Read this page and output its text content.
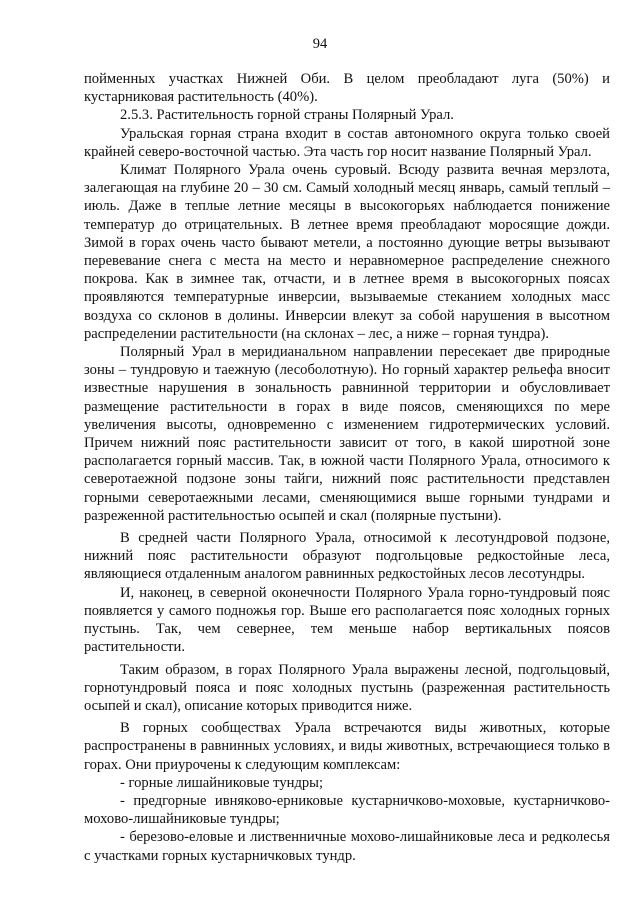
94

пойменных участках Нижней Оби. В целом преобладают луга (50%) и кустарниковая растительность (40%).

2.5.3. Растительность горной страны Полярный Урал.

Уральская горная страна входит в состав автономного округа только своей крайней северо-восточной частью. Эта часть гор носит название Полярный Урал.

Климат Полярного Урала очень суровый. Всюду развита вечная мерзлота, залегающая на глубине 20 – 30 см. Самый холодный месяц январь, самый теплый – июль. Даже в теплые летние месяцы в высокогорьях наблюдается понижение температур до отрицательных. В летнее время преобладают моросящие дожди. Зимой в горах очень часто бывают метели, а постоянно дующие ветры вызывают перевевание снега с места на место и неравномерное распределение снежного покрова. Как в зимнее так, отчасти, и в летнее время в высокогорных поясах проявляются температурные инверсии, вызываемые стеканием холодных масс воздуха со склонов в долины. Инверсии влекут за собой нарушения в высотном распределении растительности (на склонах – лес, а ниже – горная тундра).

Полярный Урал в меридианальном направлении пересекает две природные зоны – тундровую и таежную (лесоболотную). Но горный характер рельефа вносит известные нарушения в зональность равнинной территории и обусловливает размещение растительности в горах в виде поясов, сменяющихся по мере увеличения высоты, одновременно с изменением гидротермических условий. Причем нижний пояс растительности зависит от того, в какой широтной зоне располагается горный массив. Так, в южной части Полярного Урала, относимого к северотаежной подзоне зоны тайги, нижний пояс растительности представлен горными северотаежными лесами, сменяющимися выше горными тундрами и разреженной растительностью осыпей и скал (полярные пустыни).

В средней части Полярного Урала, относимой к лесотундровой подзоне, нижний пояс растительности образуют подгольцовые редкостойные леса, являющиеся отдаленным аналогом равнинных редкостойных лесов лесотундры.

И, наконец, в северной оконечности Полярного Урала горно-тундровый пояс появляется у самого подножья гор. Выше его располагается пояс холодных горных пустынь. Так, чем севернее, тем меньше набор вертикальных поясов растительности.

Таким образом, в горах Полярного Урала выражены лесной, подгольцовый, горнотундровый пояса и пояс холодных пустынь (разреженная растительность осыпей и скал), описание которых приводится ниже.

В горных сообществах Урала встречаются виды животных, которые распространены в равнинных условиях, и виды животных, встречающиеся только в горах. Они приурочены к следующим комплексам:

- горные лишайниковые тундры;

- предгорные ивняково-ерниковые кустарничково-моховые, кустарничково-мохово-лишайниковые тундры;

- березово-еловые и лиственничные мохово-лишайниковые леса и редколесья с участками горных кустарничковых тундр.
